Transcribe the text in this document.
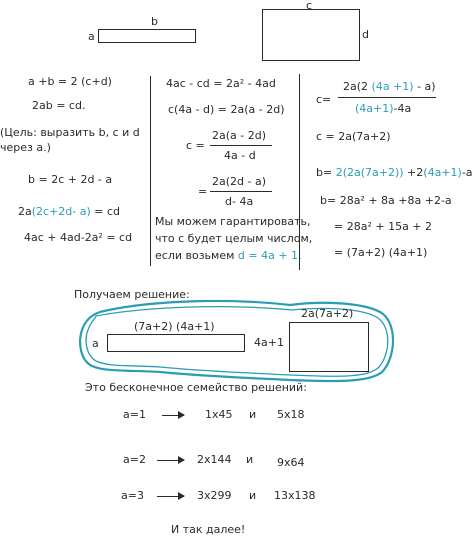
a
b
c
d
a +b = 2 (c+d)
2ab = cd.
(Цель: выразить b, c и d
через a.)
b = 2c + 2d - a
2a(2c+2d- a) = cd
4ac + 4ad-2a² = cd
4ac - cd = 2a² - 4ad
c(4a - d) = 2a(a - 2d)
c =
2a(a - 2d)
4a - d
=
2a(2d - a)
d- 4a
Мы можем гарантировать,
что c будет целым числом,
если возьмем d = 4a + 1.
c=
2a(2 (4a +1) - a)
(4a+1)-4a
c = 2a(7a+2)
b= 2(2a(7a+2)) +2(4a+1)-a
b= 28a² + 8a +8a +2-a
= 28a² + 15a + 2
= (7a+2) (4a+1)
Получаем решение:
a
(7a+2) (4a+1)
4a+1
2a(7a+2)
Это бесконечное семейство решений:
a=1	1x45 и 5x18
a=2	2x144 и 9x64
a=3	3x299 и 13x138
И так далее!
